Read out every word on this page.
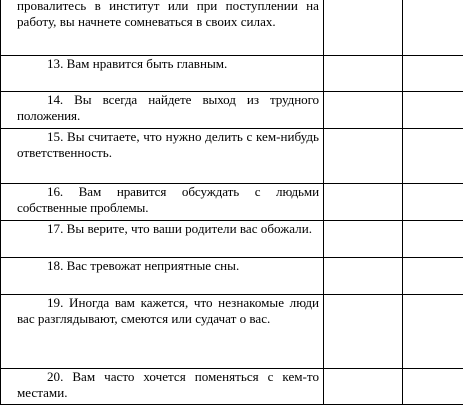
провалитесь в институт или при поступлении на работу, вы начнете сомневаться в своих силах.		

13. Вам нравится быть главным.		

14. Вы всегда найдете выход из трудного положения.		

15. Вы считаете, что нужно делить с кем-нибудь ответственность.		

16. Вам нравится обсуждать с людьми собственные проблемы.		

17. Вы верите, что ваши родители вас обожали.		

18. Вас тревожат неприятные сны.		

19. Иногда вам кажется, что незнакомые люди вас разглядывают, смеются или судачат о вас.		

20. Вам часто хочется поменяться с кем-то местами.		
